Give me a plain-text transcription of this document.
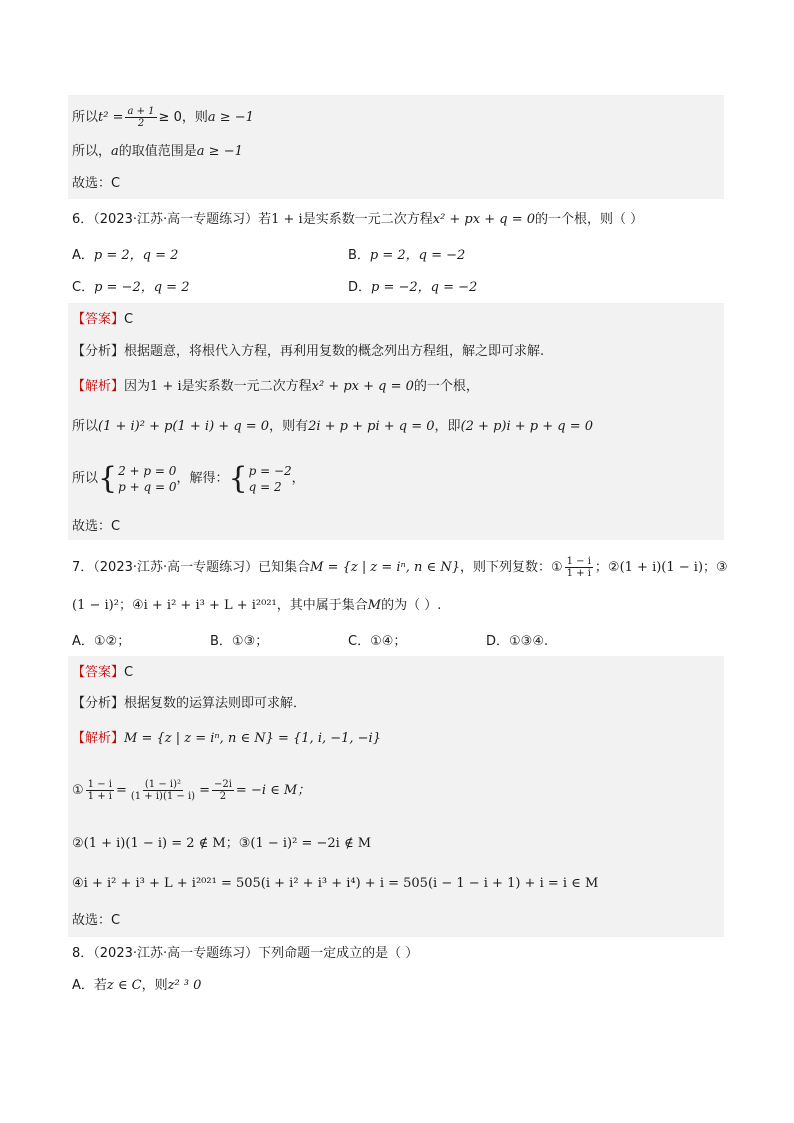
所以$t^2 = \frac{a + 1}{2} \ge 0$，则a ≥ −1
所以，a的取值范围是a ≥ −1
故选：C
6．（2023·江苏·高一专题练习）若1 + i是实系数一元二次方程x² + px + q = 0的一个根，则（ ）
A．p = 2，q = 2	B．p = 2，q = −2
C．p = −2，q = 2	D．p = −2，q = −2
【答案】C
【分析】根据题意，将根代入方程，再利用复数的概念列出方程组，解之即可求解.
【解析】因为1 + i是实系数一元二次方程x² + px + q = 0的一个根，
所以(1 + i)² + p(1 + i) + q = 0，则有2i + p + pi + q = 0，即(2 + p)i + p + q = 0
所以 { 2 + p = 0
p + q = 0
，解得： { p = −2
q = 2
，
故选：C
7．（2023·江苏·高一专题练习）已知集合M = {z | z = iⁿ, n ∈ N}，则下列复数：① $\frac{1 - i}{1 + i}$ ；②(1 + i)(1 − i)；③
(1 − i)²；④i + i² + i³ + L + i²⁰²¹，其中属于集合M的为（ ）.
A．①②；	B．①③；	C．①④；	D．①③④.
【答案】C
【分析】根据复数的运算法则即可求解．
【解析】M = {z | z = iⁿ, n ∈ N} = {1, i, −1, −i}
① $\frac{1 - i}{1 + i} = \frac{\text{(1 − i)²}}{(1 + i)(1 - i)} = \frac{-2i}{2} = -i$ ∈ M；
②(1 + i)(1 − i) = 2 ∉ M；③(1 − i)² = −2i ∉ M
④i + i² + i³ + L + i²⁰²¹ = 505(i + i² + i³ + i⁴) + i = 505(i − 1 − i + 1) + i = i ∈ M
故选：C
8．（2023·江苏·高一专题练习）下列命题一定成立的是（ ）
A．若z ∈ C，则z² ³ 0
